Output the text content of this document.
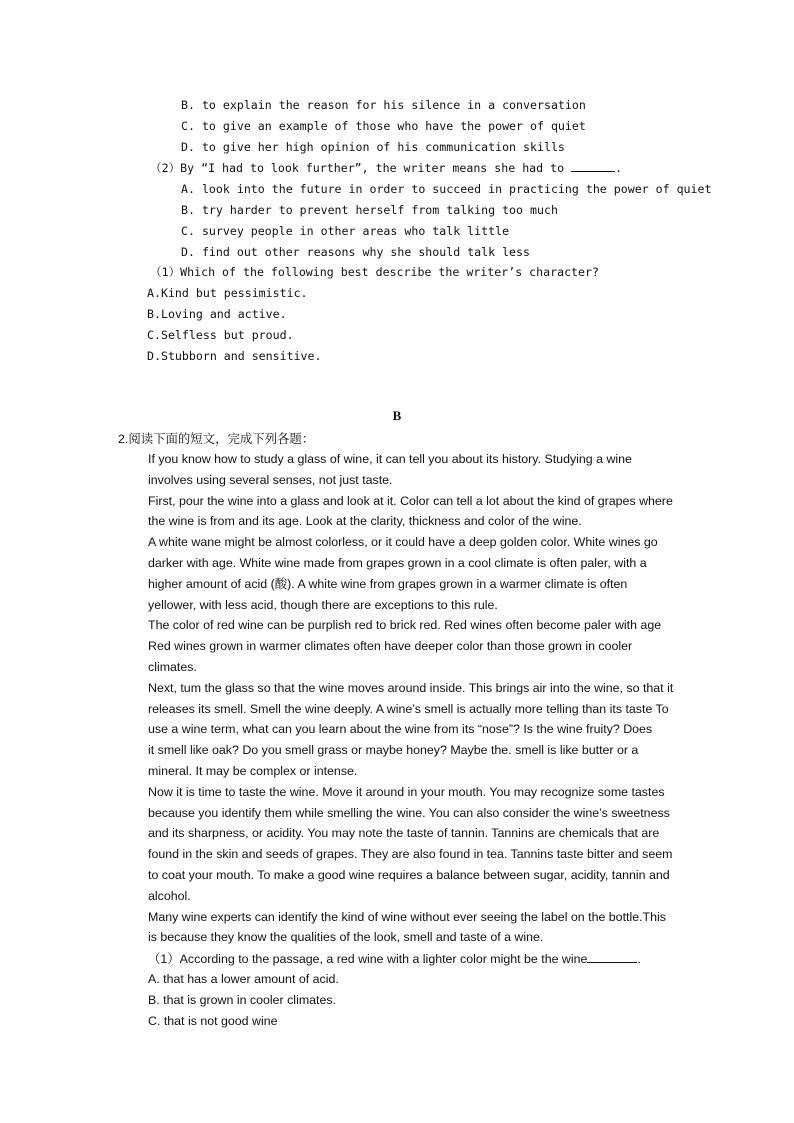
B. to explain the reason for his silence in a conversation
C. to give an example of those who have the power of quiet
D. to give her high opinion of his communication skills
（2）By “I had to look further”, the writer means she had to	.
A. look into the future in order to succeed in practicing the power of quiet
B. try harder to prevent herself from talking too much
C. survey people in other areas who talk little
D. find out other reasons why she should talk less
（1）Which of the following best describe the writer’s character?
A.Kind but pessimistic.
B.Loving and active.
C.Selfless but proud.
D.Stubborn and sensitive.
B
2.阅读下面的短文，完成下列各题：
If you know how to study a glass of wine, it can tell you about its history. Studying a wine
involves using several senses, not just taste.
First, pour the wine into a glass and look at it. Color can tell a lot about the kind of grapes where
the wine is from and its age. Look at the clarity, thickness and color of the wine.
A white wane might be almost colorless, or it could have a deep golden color. White wines go
darker with age. White wine made from grapes grown in a cool climate is often paler, with a
higher amount of acid (酸). A white wine from grapes grown in a warmer climate is often
yellower, with less acid, though there are exceptions to this rule.
The color of red wine can be purplish red to brick red. Red wines often become paler with age
Red wines grown in warmer climates often have deeper color than those grown in cooler
climates.
Next, tum the glass so that the wine moves around inside. This brings air into the wine, so that it
releases its smell. Smell the wine deeply. A wine’s smell is actually more telling than its taste To
use a wine term, what can you learn about the wine from its “nose”? Is the wine fruity? Does
it smell like oak? Do you smell grass or maybe honey? Maybe the. smell is like butter or a
mineral. It may be complex or intense.
Now it is time to taste the wine. Move it around in your mouth. You may recognize some tastes
because you identify them while smelling the wine. You can also consider the wine’s sweetness
and its sharpness, or acidity. You may note the taste of tannin. Tannins are chemicals that are
found in the skin and seeds of grapes. They are also found in tea. Tannins taste bitter and seem
to coat your mouth. To make a good wine requires a balance between sugar, acidity, tannin and
alcohol.
Many wine experts can identify the kind of wine without ever seeing the label on the bottle.This
is because they know the qualities of the look, smell and taste of a wine.
（1）According to the passage, a red wine with a lighter color might be the wine	.
A. that has a lower amount of acid.
B. that is grown in cooler climates.
C. that is not good wine
